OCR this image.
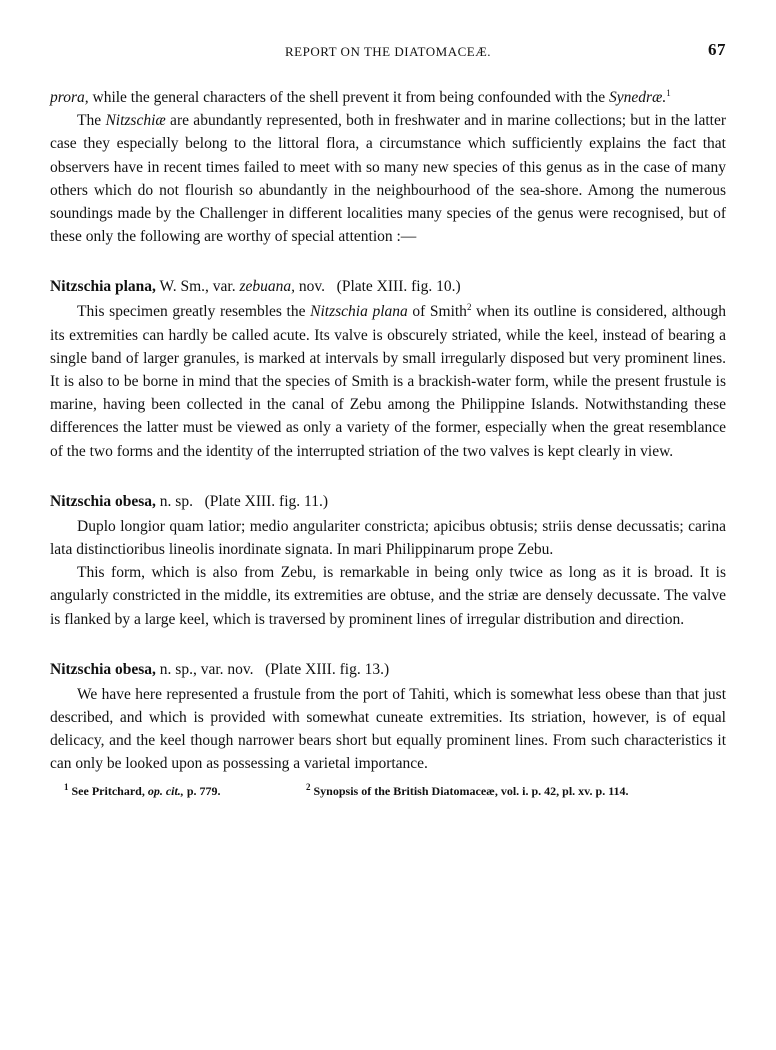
REPORT ON THE DIATOMACEÆ.	67

prora, while the general characters of the shell prevent it from being confounded with the Synedræ.$^1$

The Nitzschiæ are abundantly represented, both in freshwater and in marine collections; but in the latter case they especially belong to the littoral flora, a circumstance which sufficiently explains the fact that observers have in recent times failed to meet with so many new species of this genus as in the case of many others which do not flourish so abundantly in the neighbourhood of the sea-shore. Among the numerous soundings made by the Challenger in different localities many species of the genus were recognised, but of these only the following are worthy of special attention :—

Nitzschia plana, W. Sm., var. zebuana, nov. (Plate XIII. fig. 10.)

This specimen greatly resembles the Nitzschia plana of Smith$^2$ when its outline is considered, although its extremities can hardly be called acute. Its valve is obscurely striated, while the keel, instead of bearing a single band of larger granules, is marked at intervals by small irregularly disposed but very prominent lines. It is also to be borne in mind that the species of Smith is a brackish-water form, while the present frustule is marine, having been collected in the canal of Zebu among the Philippine Islands. Notwithstanding these differences the latter must be viewed as only a variety of the former, especially when the great resemblance of the two forms and the identity of the interrupted striation of the two valves is kept clearly in view.

Nitzschia obesa, n. sp. (Plate XIII. fig. 11.)

Duplo longior quam latior; medio angulariter constricta; apicibus obtusis; striis dense decussatis; carina lata distinctioribus lineolis inordinate signata. In mari Philippinarum prope Zebu.

This form, which is also from Zebu, is remarkable in being only twice as long as it is broad. It is angularly constricted in the middle, its extremities are obtuse, and the striæ are densely decussate. The valve is flanked by a large keel, which is traversed by prominent lines of irregular distribution and direction.

Nitzschia obesa, n. sp., var. nov. (Plate XIII. fig. 13.)

We have here represented a frustule from the port of Tahiti, which is somewhat less obese than that just described, and which is provided with somewhat cuneate extremities. Its striation, however, is of equal delicacy, and the keel though narrower bears short but equally prominent lines. From such characteristics it can only be looked upon as possessing a varietal importance.

$^1$ See Pritchard, op. cit., p. 779.	$^2$ Synopsis of the British Diatomaceæ, vol. i. p. 42, pl. xv. p. 114.
